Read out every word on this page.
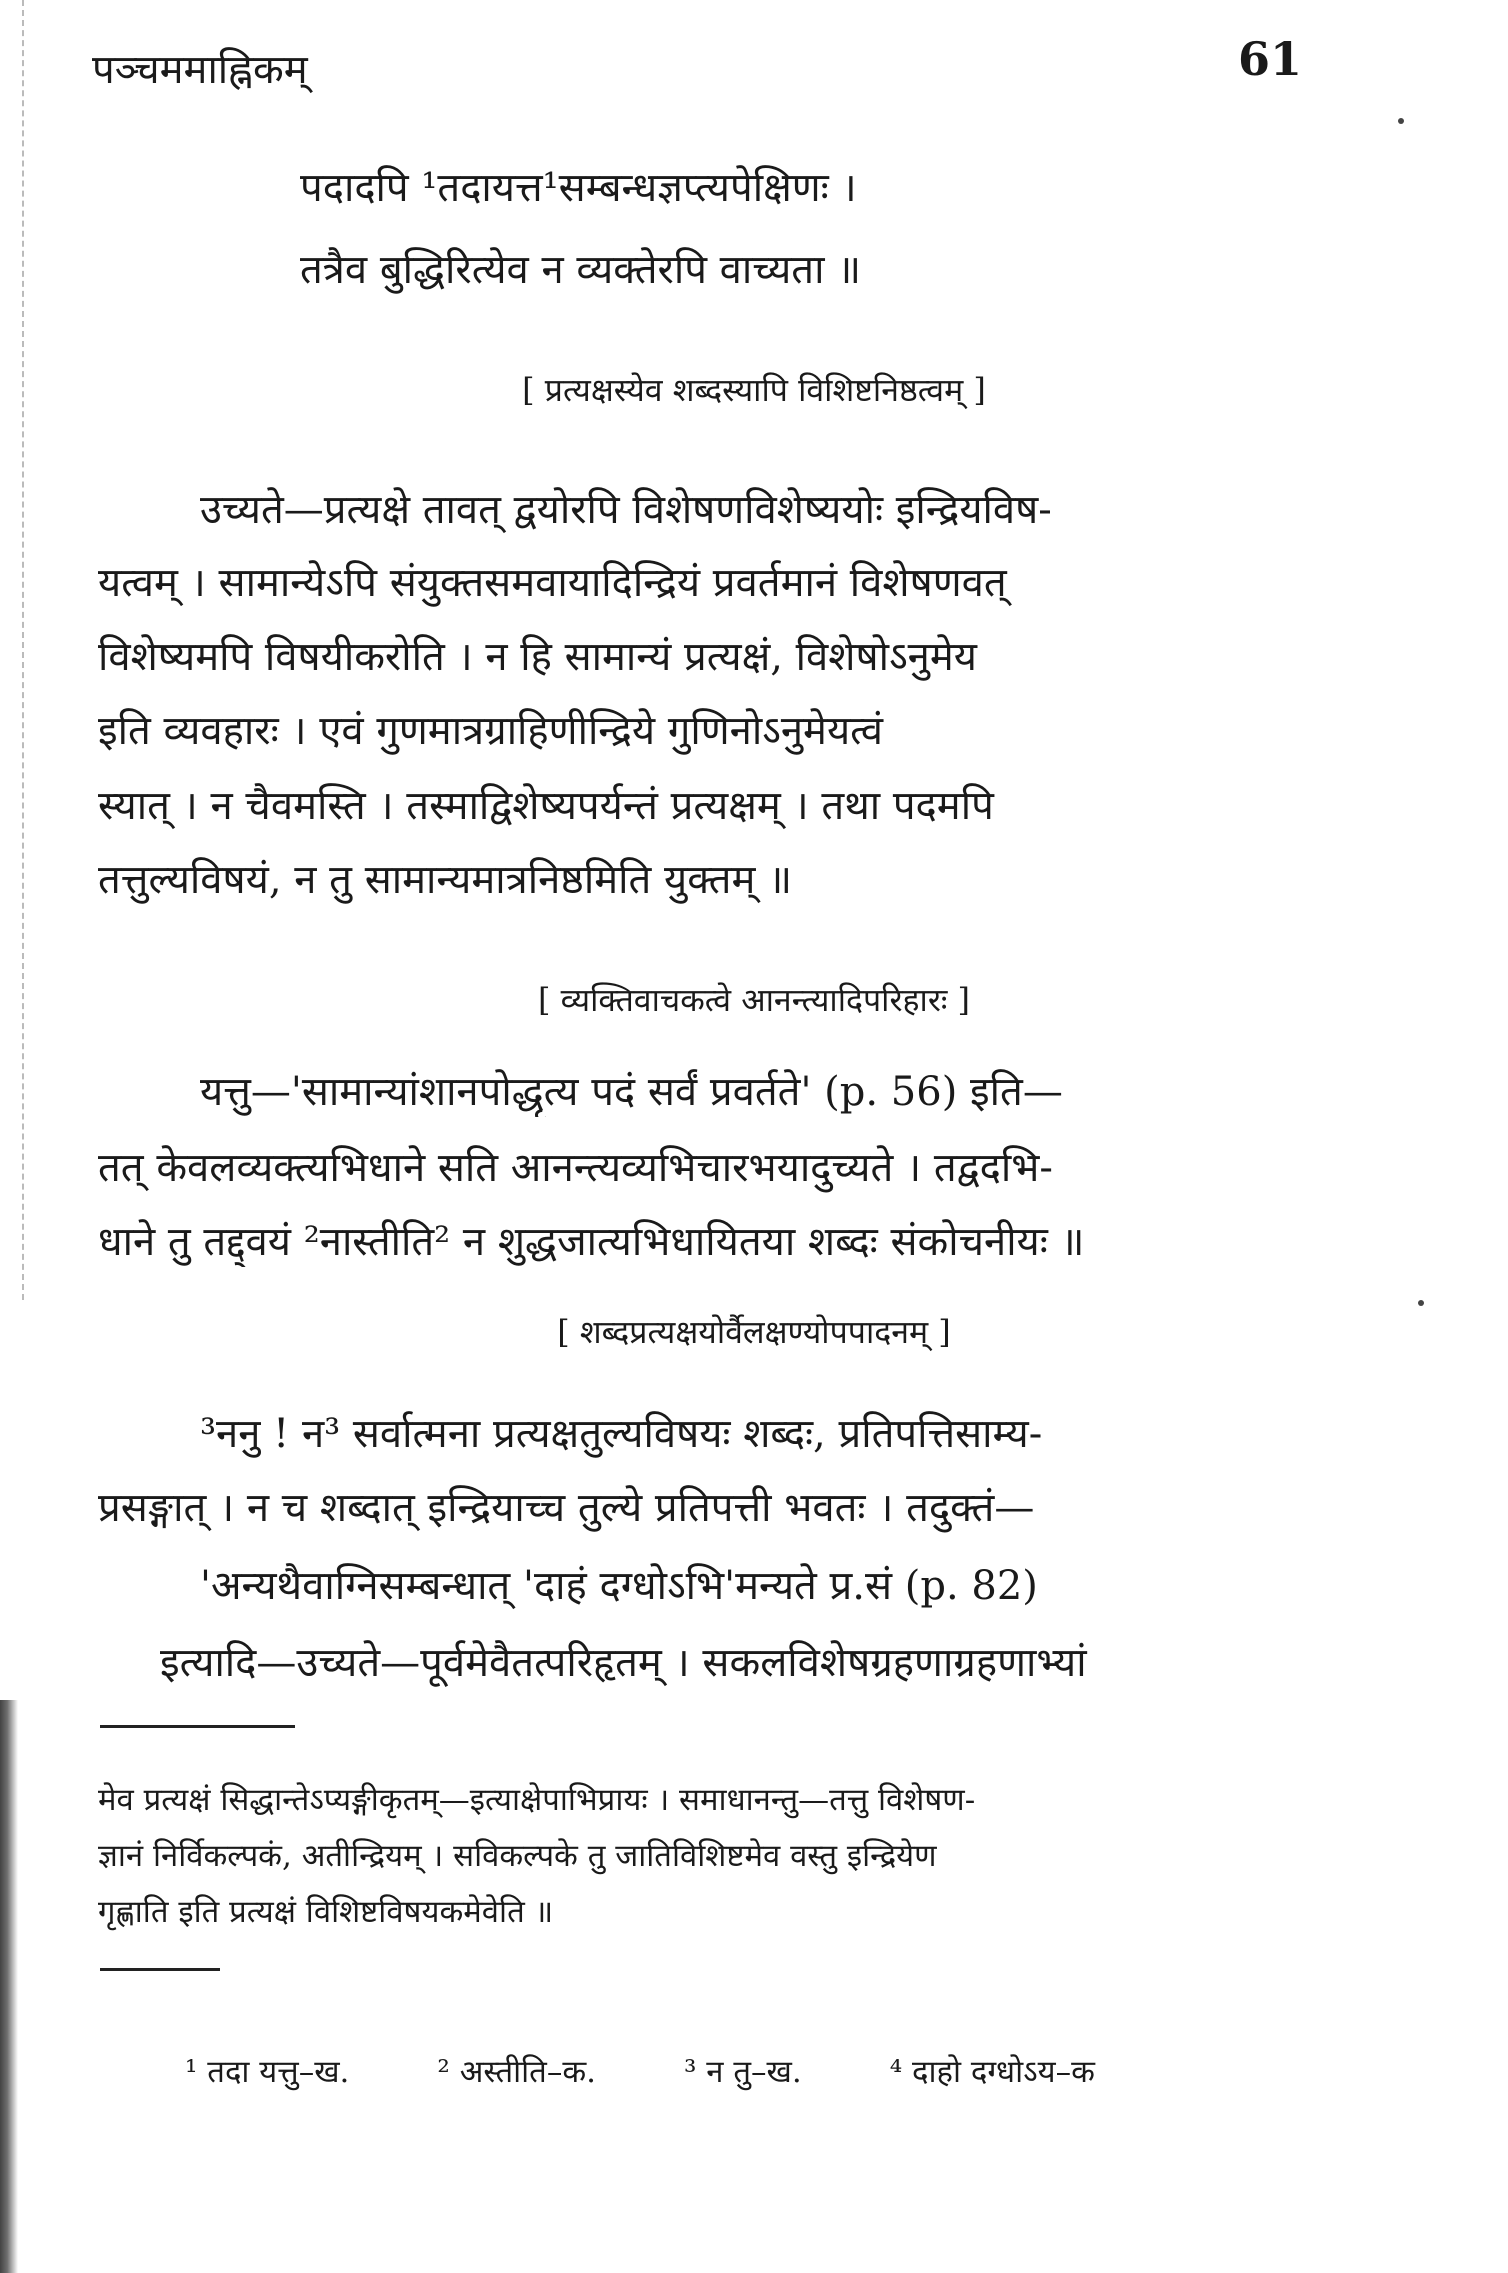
पञ्चममाह्निकम्	61
पदादपि ¹तदायत्त¹सम्बन्धज्ञप्त्यपेक्षिणः ।
तत्रैव बुद्धिरित्येव न व्यक्तेरपि वाच्यता ॥
[ प्रत्यक्षस्येव शब्दस्यापि विशिष्टनिष्ठत्वम् ]
उच्यते—प्रत्यक्षे तावत् द्वयोरपि विशेषणविशेष्ययोः इन्द्रियविष-
यत्वम् । सामान्येऽपि संयुक्तसमवायादिन्द्रियं प्रवर्तमानं विशेषणवत्
विशेष्यमपि विषयीकरोति । न हि सामान्यं प्रत्यक्षं, विशेषोऽनुमेय
इति व्यवहारः । एवं गुणमात्रग्राहिणीन्द्रिये गुणिनोऽनुमेयत्वं
स्यात् । न चैवमस्ति । तस्माद्विशेष्यपर्यन्तं प्रत्यक्षम् । तथा पदमपि
तत्तुल्यविषयं, न तु सामान्यमात्रनिष्ठमिति युक्तम् ॥
[ व्यक्तिवाचकत्वे आनन्त्यादिपरिहारः ]
यत्तु—'सामान्यांशानपोद्धृत्य पदं सर्वं प्रवर्तते' (p. 56) इति—
तत् केवलव्यक्त्यभिधाने सति आनन्त्यव्यभिचारभयादुच्यते । तद्वदभि-
धाने तु तद्द्वयं ²नास्तीति² न शुद्धजात्यभिधायितया शब्दः संकोचनीयः ॥
[ शब्दप्रत्यक्षयोर्वैलक्षण्योपपादनम् ]
³ननु ! न³ सर्वात्मना प्रत्यक्षतुल्यविषयः शब्दः, प्रतिपत्तिसाम्य-
प्रसङ्गात् । न च शब्दात् इन्द्रियाच्च तुल्ये प्रतिपत्ती भवतः । तदुक्तं—
'अन्यथैवाग्निसम्बन्धात् 'दाहं दग्धोऽभि'मन्यते प्र.सं (p. 82)
इत्यादि—उच्यते—पूर्वमेवैतत्परिहृतम् । सकलविशेषग्रहणाग्रहणाभ्यां
मेव प्रत्यक्षं सिद्धान्तेऽप्यङ्गीकृतम्—इत्याक्षेपाभिप्रायः । समाधानन्तु—तत्तु विशेषण-
ज्ञानं निर्विकल्पकं, अतीन्द्रियम् । सविकल्पके तु जातिविशिष्टमेव वस्तु इन्द्रियेण
गृह्णाति इति प्रत्यक्षं विशिष्टविषयकमेवेति ॥
¹ तदा यत्तु–ख.	² अस्तीति–क.	³ न तु–ख.	⁴ दाहो दग्धोऽय–क
